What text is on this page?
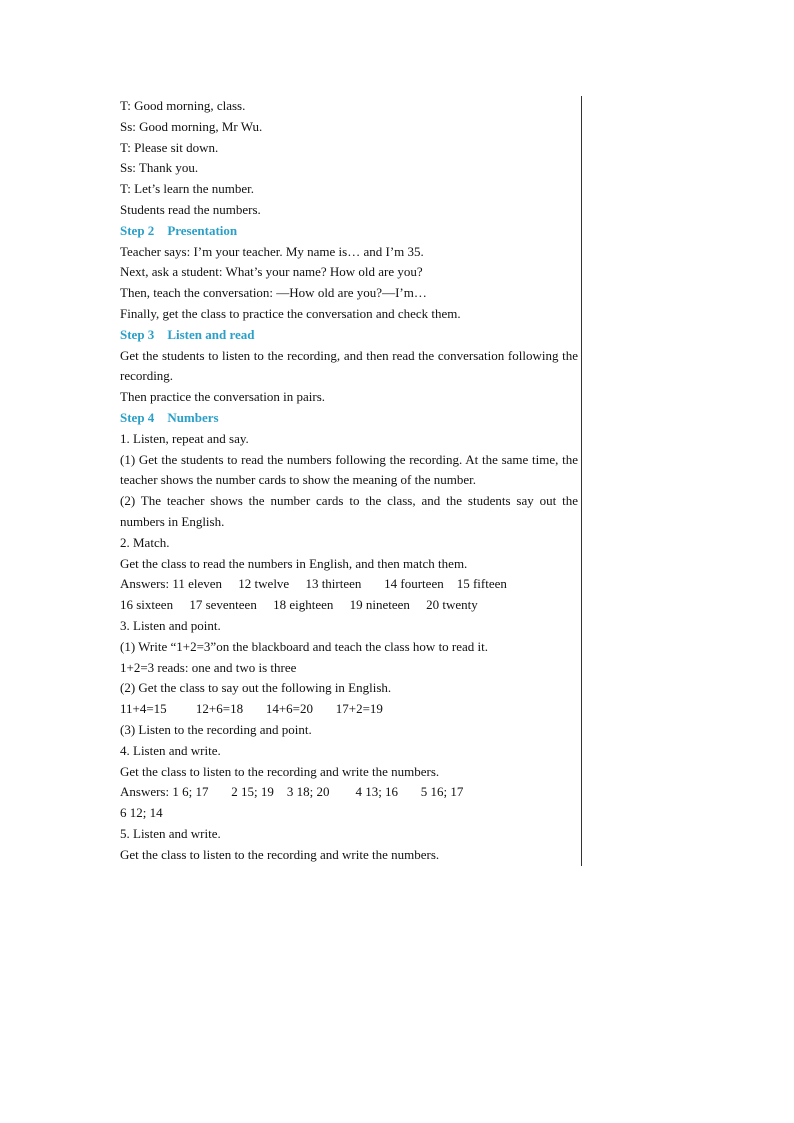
T: Good morning, class.

Ss: Good morning, Mr Wu.

T: Please sit down.

Ss: Thank you.

T: Let’s learn the number.

Students read the numbers.

Step 2 Presentation

Teacher says: I’m your teacher. My name is… and I’m 35.

Next, ask a student: What’s your name? How old are you?

Then, teach the conversation: —How old are you?—I’m…

Finally, get the class to practice the conversation and check them.

Step 3 Listen and read

Get the students to listen to the recording, and then read the conversation following the recording.

Then practice the conversation in pairs.

Step 4 Numbers

1. Listen, repeat and say.

(1) Get the students to read the numbers following the recording. At the same time, the teacher shows the number cards to show the meaning of the number.

(2) The teacher shows the number cards to the class, and the students say out the numbers in English.

2. Match.

Get the class to read the numbers in English, and then match them.

Answers: 11 eleven     12 twelve     13 thirteen       14 fourteen    15 fifteen

16 sixteen     17 seventeen     18 eighteen     19 nineteen     20 twenty

3. Listen and point.

(1) Write “1+2=3”on the blackboard and teach the class how to read it.

1+2=3 reads: one and two is three

(2) Get the class to say out the following in English.

11+4=15         12+6=18       14+6=20       17+2=19

(3) Listen to the recording and point.

4. Listen and write.

Get the class to listen to the recording and write the numbers.

Answers: 1 6; 17       2 15; 19    3 18; 20        4 13; 16       5 16; 17

6 12; 14

5. Listen and write.

Get the class to listen to the recording and write the numbers.
